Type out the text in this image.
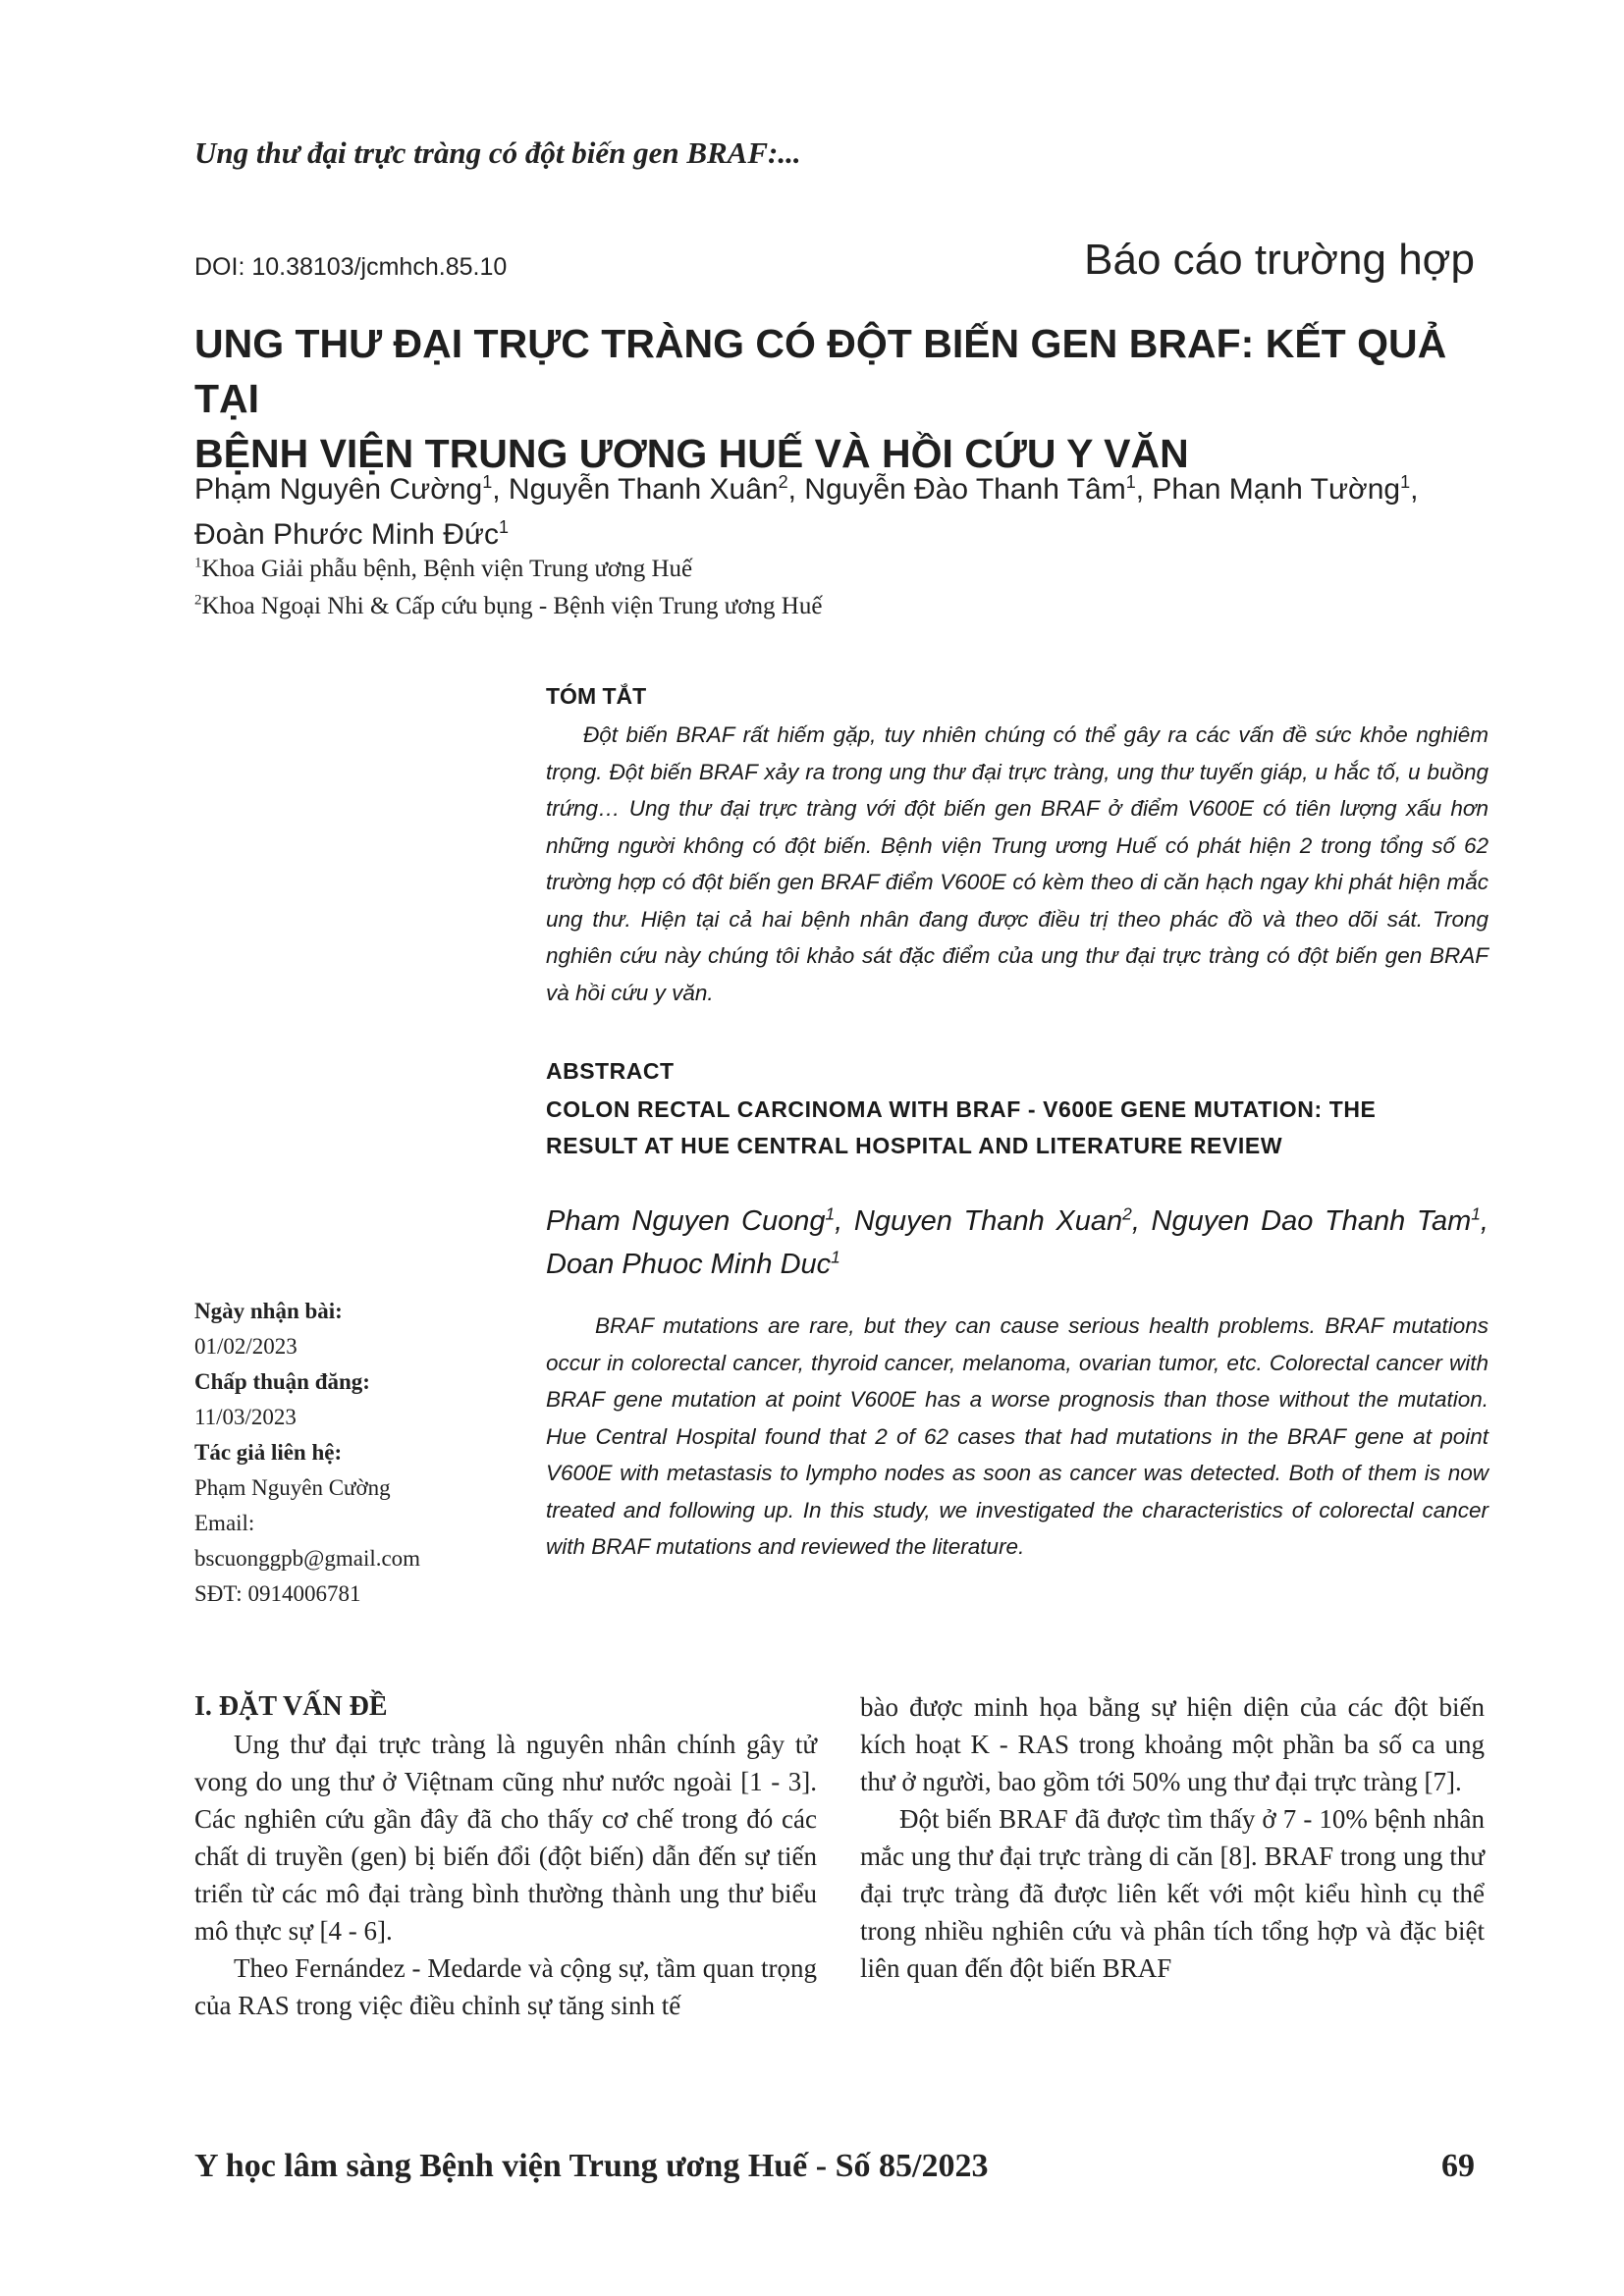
Ung thư đại trực tràng có đột biến gen BRAF:...
DOI: 10.38103/jcmhch.85.10	Báo cáo trường hợp
UNG THƯ ĐẠI TRỰC TRÀNG CÓ ĐỘT BIẾN GEN BRAF: KẾT QUẢ TẠI
BỆNH VIỆN TRUNG ƯƠNG HUẾ VÀ HỒI CỨU Y VĂN
Phạm Nguyên Cường$^1$, Nguyễn Thanh Xuân$^2$, Nguyễn Đào Thanh Tâm$^1$, Phan Mạnh Tường$^1$,
Đoàn Phước Minh Đức$^1$
$^1$Khoa Giải phẫu bệnh, Bệnh viện Trung ương Huế
$^2$Khoa Ngoại Nhi & Cấp cứu bụng - Bệnh viện Trung ương Huế
TÓM TẮT

Đột biến BRAF rất hiếm gặp, tuy nhiên chúng có thể gây ra các vấn đề sức khỏe nghiêm trọng. Đột biến BRAF xảy ra trong ung thư đại trực tràng, ung thư tuyến giáp, u hắc tố, u buồng trứng… Ung thư đại trực tràng với đột biến gen BRAF ở điểm V600E có tiên lượng xấu hơn những người không có đột biến. Bệnh viện Trung ương Huế có phát hiện 2 trong tổng số 62 trường hợp có đột biến gen BRAF điểm V600E có kèm theo di căn hạch ngay khi phát hiện mắc ung thư. Hiện tại cả hai bệnh nhân đang được điều trị theo phác đồ và theo dõi sát. Trong nghiên cứu này chúng tôi khảo sát đặc điểm của ung thư đại trực tràng có đột biến gen BRAF và hồi cứu y văn.

ABSTRACT
COLON RECTAL CARCINOMA WITH BRAF - V600E GENE MUTATION: THE
RESULT AT HUE CENTRAL HOSPITAL AND LITERATURE REVIEW
Pham Nguyen Cuong$^1$, Nguyen Thanh Xuan$^2$, Nguyen Dao Thanh Tam$^1$, Doan Phuoc Minh Duc$^1$

BRAF mutations are rare, but they can cause serious health problems. BRAF mutations occur in colorectal cancer, thyroid cancer, melanoma, ovarian tumor, etc. Colorectal cancer with BRAF gene mutation at point V600E has a worse prognosis than those without the mutation. Hue Central Hospital found that 2 of 62 cases that had mutations in the BRAF gene at point V600E with metastasis to lympho nodes as soon as cancer was detected. Both of them is now treated and following up. In this study, we investigated the characteristics of colorectal cancer with BRAF mutations and reviewed the literature.

Ngày nhận bài:
01/02/2023
Chấp thuận đăng:
11/03/2023
Tác giả liên hệ:
Phạm Nguyên Cường
Email:
bscuonggpb@gmail.com
SĐT: 0914006781
I. ĐẶT VẤN ĐỀ

Ung thư đại trực tràng là nguyên nhân chính gây tử vong do ung thư ở Việtnam cũng như nước ngoài [1 - 3]. Các nghiên cứu gần đây đã cho thấy cơ chế trong đó các chất di truyền (gen) bị biến đổi (đột biến) dẫn đến sự tiến triển từ các mô đại tràng bình thường thành ung thư biểu mô thực sự [4 - 6].

Theo Fernández - Medarde và cộng sự, tầm quan trọng của RAS trong việc điều chỉnh sự tăng sinh tế

bào được minh họa bằng sự hiện diện của các đột biến kích hoạt K - RAS trong khoảng một phần ba số ca ung thư ở người, bao gồm tới 50% ung thư đại trực tràng [7].

Đột biến BRAF đã được tìm thấy ở 7 - 10% bệnh nhân mắc ung thư đại trực tràng di căn [8]. BRAF trong ung thư đại trực tràng đã được liên kết với một kiểu hình cụ thể trong nhiều nghiên cứu và phân tích tổng hợp và đặc biệt liên quan đến đột biến BRAF

Y học lâm sàng Bệnh viện Trung ương Huế - Số 85/2023	69
